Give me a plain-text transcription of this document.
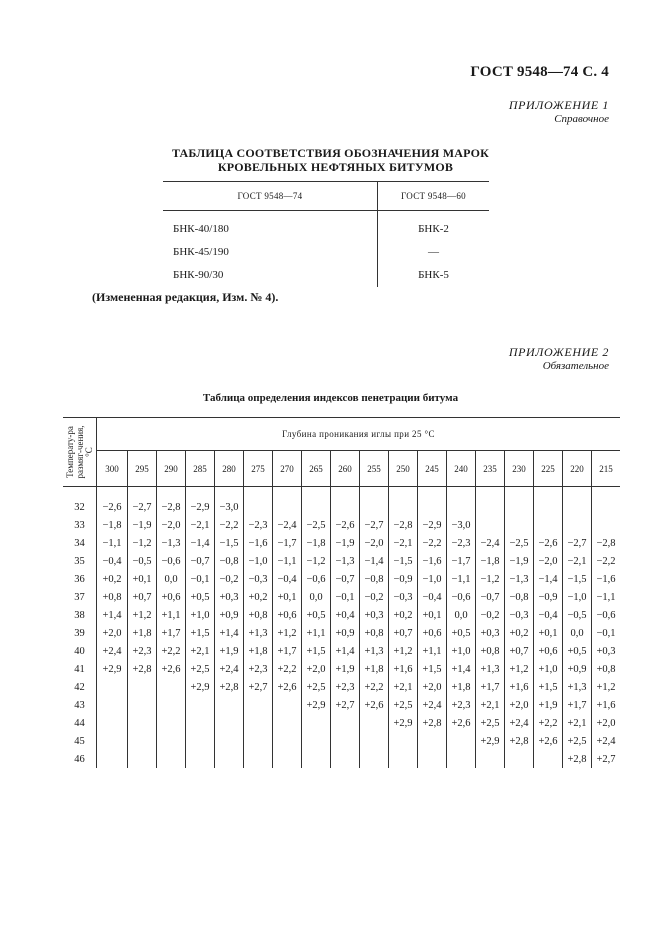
ГОСТ 9548—74 С. 4
ПРИЛОЖЕНИЕ 1
Справочное
ТАБЛИЦА СООТВЕТСТВИЯ ОБОЗНАЧЕНИЯ МАРОК
КРОВЕЛЬНЫХ НЕФТЯНЫХ БИТУМОВ
ГОСТ 9548—74	ГОСТ 9548—60
БНК-40/180	БНК-2
БНК-45/190	—
БНК-90/30	БНК-5
(Измененная редакция, Изм. № 4).
ПРИЛОЖЕНИЕ 2
Обязательное
Таблица определения индексов пенетрации битума
Температу-ра размяг-чения, °С	Глубина проникания иглы при 25 °С																	
	300	295	290	285	280	275	270	265	260	255	250	245	240	235	230	225	220	215
32	−2,6	−2,7	−2,8	−2,9	−3,0													
33	−1,8	−1,9	−2,0	−2,1	−2,2	−2,3	−2,4	−2,5	−2,6	−2,7	−2,8	−2,9	−3,0					
34	−1,1	−1,2	−1,3	−1,4	−1,5	−1,6	−1,7	−1,8	−1,9	−2,0	−2,1	−2,2	−2,3	−2,4	−2,5	−2,6	−2,7	−2,8
35	−0,4	−0,5	−0,6	−0,7	−0,8	−1,0	−1,1	−1,2	−1,3	−1,4	−1,5	−1,6	−1,7	−1,8	−1,9	−2,0	−2,1	−2,2
36	+0,2	+0,1	0,0	−0,1	−0,2	−0,3	−0,4	−0,6	−0,7	−0,8	−0,9	−1,0	−1,1	−1,2	−1,3	−1,4	−1,5	−1,6
37	+0,8	+0,7	+0,6	+0,5	+0,3	+0,2	+0,1	0,0	−0,1	−0,2	−0,3	−0,4	−0,6	−0,7	−0,8	−0,9	−1,0	−1,1
38	+1,4	+1,2	+1,1	+1,0	+0,9	+0,8	+0,6	+0,5	+0,4	+0,3	+0,2	+0,1	0,0	−0,2	−0,3	−0,4	−0,5	−0,6
39	+2,0	+1,8	+1,7	+1,5	+1,4	+1,3	+1,2	+1,1	+0,9	+0,8	+0,7	+0,6	+0,5	+0,3	+0,2	+0,1	0,0	−0,1
40	+2,4	+2,3	+2,2	+2,1	+1,9	+1,8	+1,7	+1,5	+1,4	+1,3	+1,2	+1,1	+1,0	+0,8	+0,7	+0,6	+0,5	+0,3
41	+2,9	+2,8	+2,6	+2,5	+2,4	+2,3	+2,2	+2,0	+1,9	+1,8	+1,6	+1,5	+1,4	+1,3	+1,2	+1,0	+0,9	+0,8
42				+2,9	+2,8	+2,7	+2,6	+2,5	+2,3	+2,2	+2,1	+2,0	+1,8	+1,7	+1,6	+1,5	+1,3	+1,2
43								+2,9	+2,7	+2,6	+2,5	+2,4	+2,3	+2,1	+2,0	+1,9	+1,7	+1,6
44											+2,9	+2,8	+2,6	+2,5	+2,4	+2,2	+2,1	+2,0
45														+2,9	+2,8	+2,6	+2,5	+2,4
46																	+2,8	+2,7
